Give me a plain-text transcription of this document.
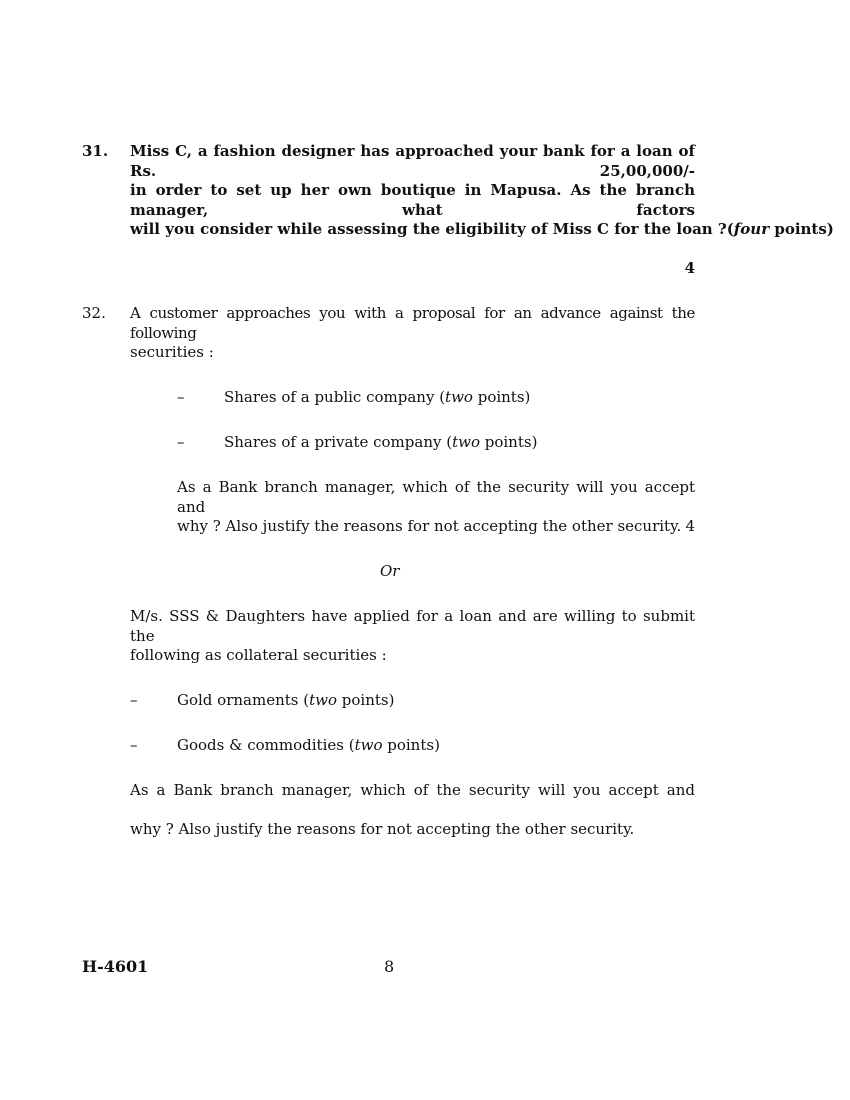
31. Miss C, a fashion designer has approached your bank for a loan of Rs. 25,00,000/-
in order to set up her own boutique in Mapusa. As the branch manager, what factors
will you consider while assessing the eligibility of Miss C for the loan ? (four points)
4
32. A customer approaches you with a proposal for an advance against the following
securities :
–	Shares of a public company (two points)
–	Shares of a private company (two points)
As a Bank branch manager, which of the security will you accept and
why ? Also justify the reasons for not accepting the other security. 4
Or
M/s. SSS & Daughters have applied for a loan and are willing to submit the
following as collateral securities :
–	Gold ornaments (two points)
–	Goods & commodities (two points)
As a Bank branch manager, which of the security will you accept and
why ? Also justify the reasons for not accepting the other security.
H-4601	8
